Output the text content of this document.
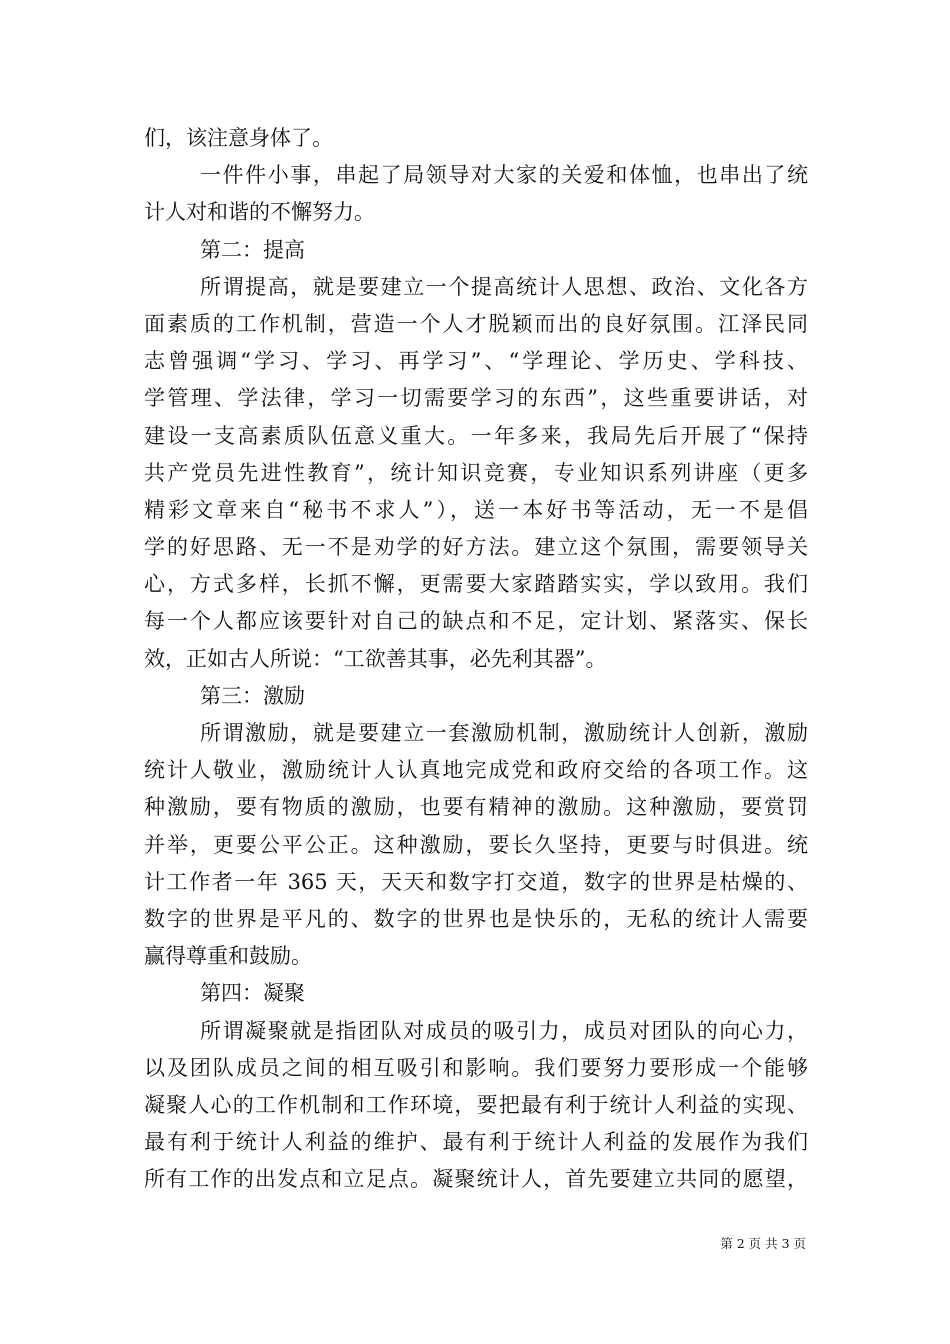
们，该注意身体了。
一件件小事，串起了局领导对大家的关爱和体恤，也串出了统
计人对和谐的不懈努力。
第二：提高
所谓提高，就是要建立一个提高统计人思想、政治、文化各方
面素质的工作机制，营造一个人才脱颖而出的良好氛围。江泽民同
志曾强调“学习、学习、再学习”、“学理论、学历史、学科技、
学管理、学法律，学习一切需要学习的东西”，这些重要讲话，对
建设一支高素质队伍意义重大。一年多来，我局先后开展了“保持
共产党员先进性教育”，统计知识竞赛，专业知识系列讲座（更多
精彩文章来自“秘书不求人”），送一本好书等活动，无一不是倡
学的好思路、无一不是劝学的好方法。建立这个氛围，需要领导关
心，方式多样，长抓不懈，更需要大家踏踏实实，学以致用。我们
每一个人都应该要针对自己的缺点和不足，定计划、紧落实、保长
效，正如古人所说：“工欲善其事，必先利其器”。
第三：激励
所谓激励，就是要建立一套激励机制，激励统计人创新，激励
统计人敬业，激励统计人认真地完成党和政府交给的各项工作。这
种激励，要有物质的激励，也要有精神的激励。这种激励，要赏罚
并举，更要公平公正。这种激励，要长久坚持，更要与时俱进。统
计工作者一年 365 天，天天和数字打交道，数字的世界是枯燥的、
数字的世界是平凡的、数字的世界也是快乐的，无私的统计人需要
赢得尊重和鼓励。
第四：凝聚
所谓凝聚就是指团队对成员的吸引力，成员对团队的向心力，
以及团队成员之间的相互吸引和影响。我们要努力要形成一个能够
凝聚人心的工作机制和工作环境，要把最有利于统计人利益的实现、
最有利于统计人利益的维护、最有利于统计人利益的发展作为我们
所有工作的出发点和立足点。凝聚统计人，首先要建立共同的愿望，
第 2 页 共 3 页
